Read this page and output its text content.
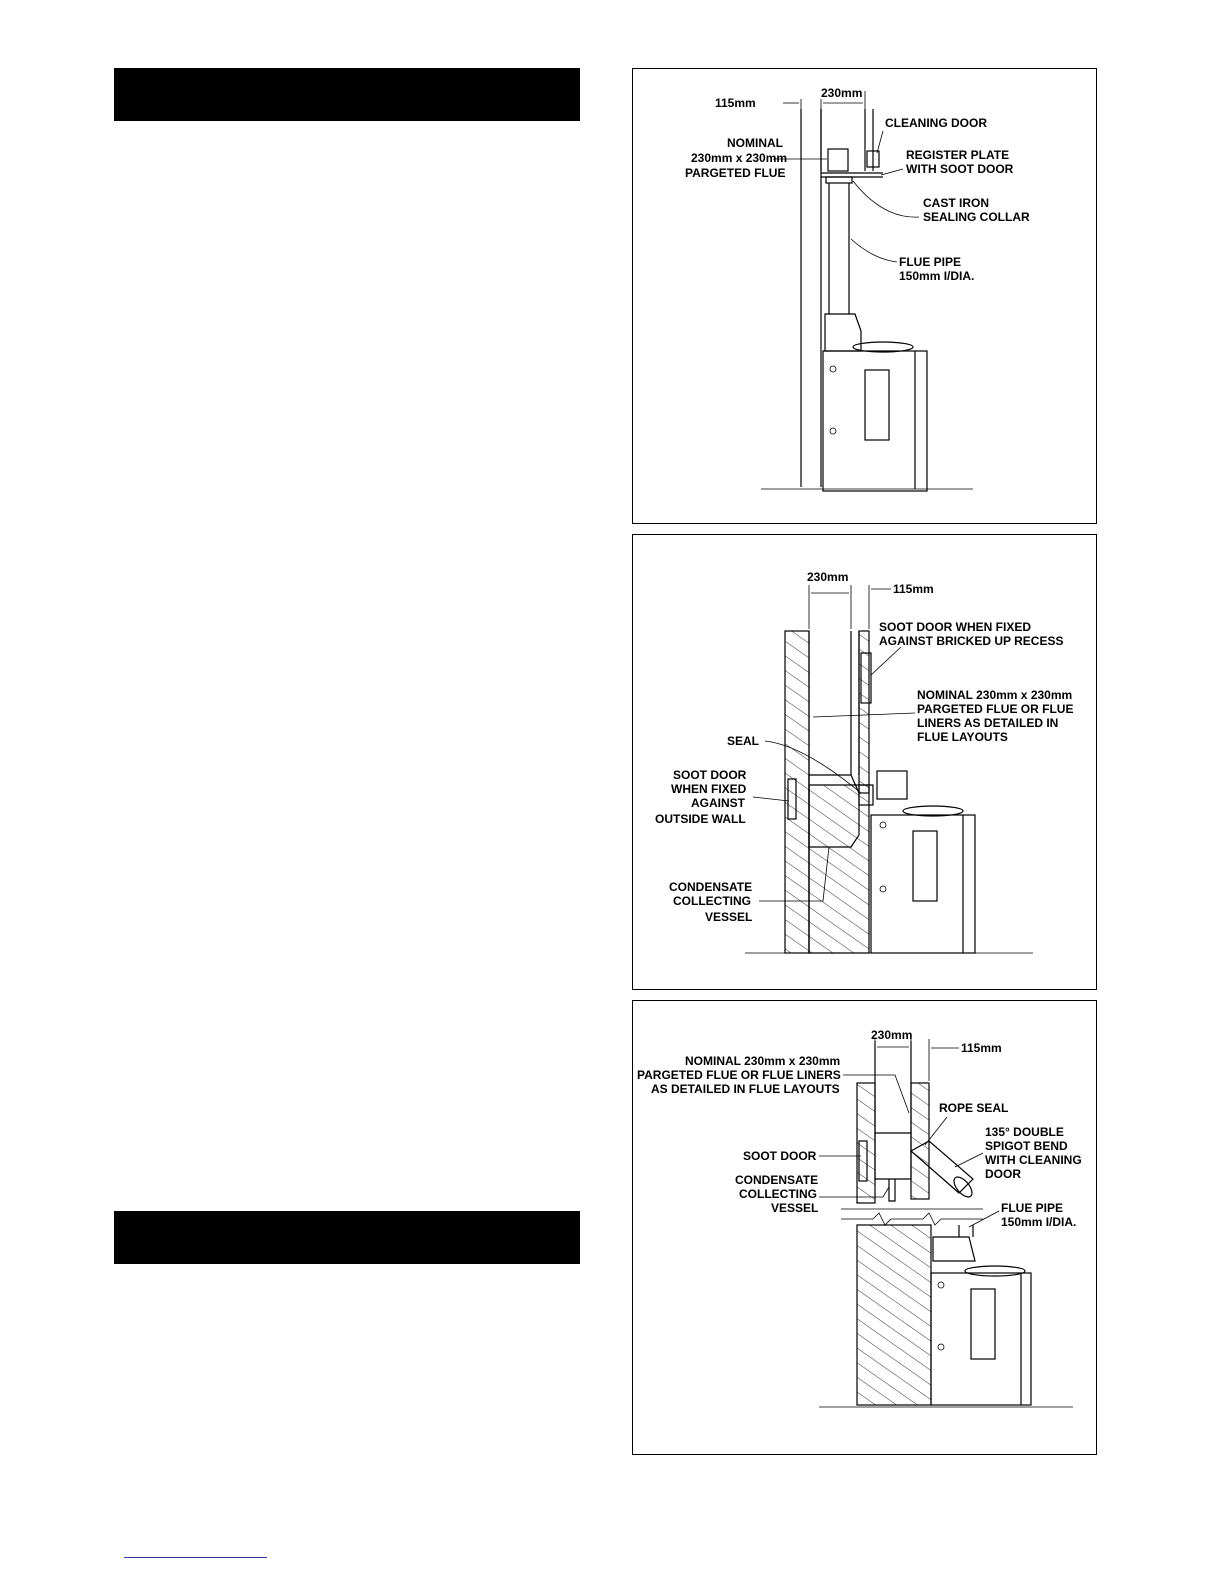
115mm
230mm
NOMINAL
230mm x 230mm
PARGETED FLUE
CLEANING DOOR
REGISTER PLATE
WITH SOOT DOOR
CAST IRON
SEALING COLLAR
FLUE PIPE
150mm I/DIA.
230mm
115mm
SOOT DOOR WHEN FIXED
AGAINST BRICKED UP RECESS
NOMINAL 230mm x 230mm
PARGETED FLUE OR FLUE
LINERS AS DETAILED IN
FLUE LAYOUTS
SEAL
SOOT DOOR
WHEN FIXED
AGAINST
OUTSIDE WALL
CONDENSATE
COLLECTING
VESSEL
230mm
115mm
NOMINAL 230mm x 230mm
PARGETED FLUE OR FLUE LINERS
AS DETAILED IN FLUE LAYOUTS
ROPE SEAL
135° DOUBLE
SPIGOT BEND
WITH CLEANING
DOOR
SOOT DOOR
CONDENSATE
COLLECTING
VESSEL	FLUE PIPE
150mm I/DIA.
